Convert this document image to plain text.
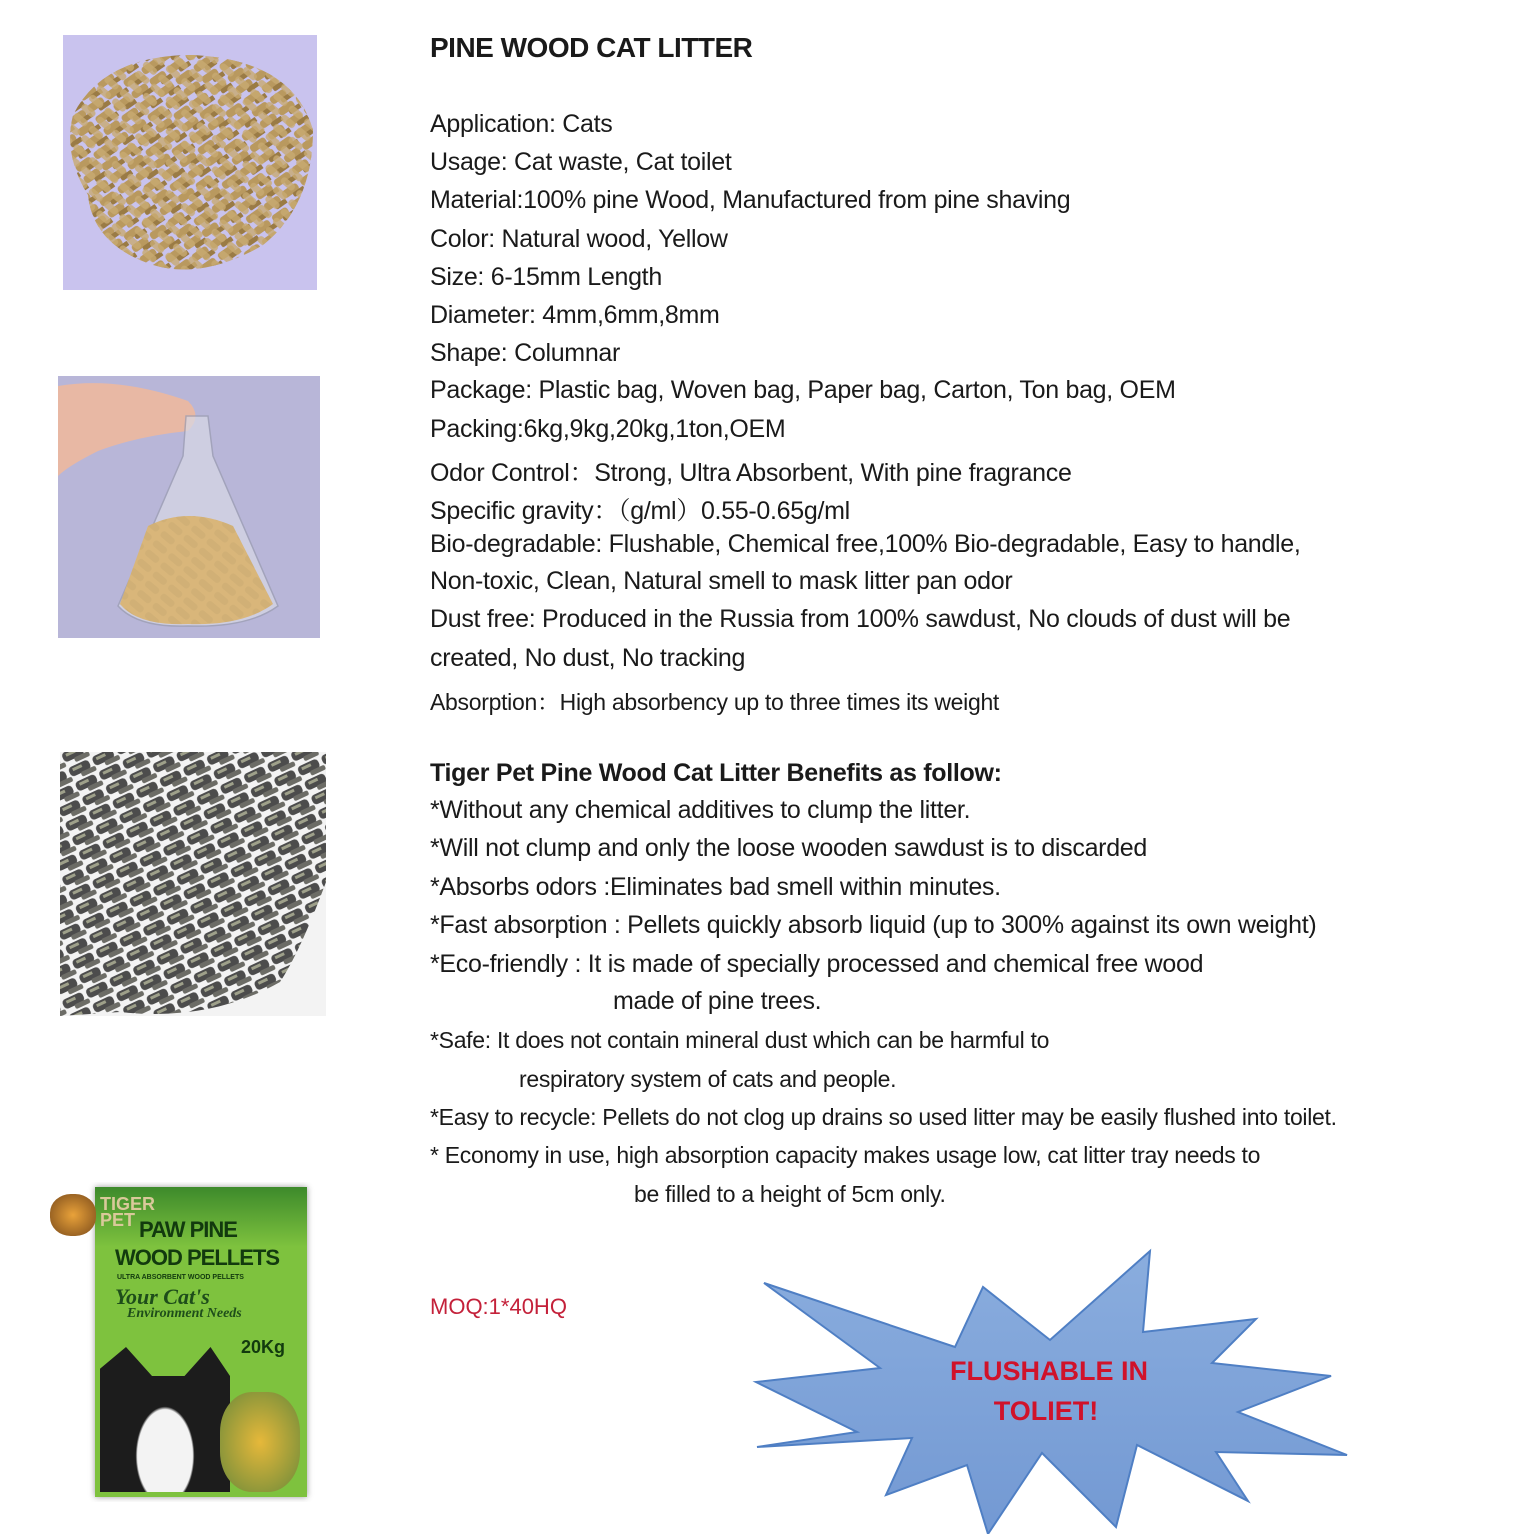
TIGER
PET PAW PINE
WOOD PELLETS
ULTRA ABSORBENT WOOD PELLETS
Your Cat's
Environment Needs
20Kg
PINE WOOD CAT LITTER
Application: Cats
Usage: Cat waste, Cat toilet
Material:100% pine Wood, Manufactured from pine shaving
Color: Natural wood, Yellow
Size: 6-15mm Length
Diameter: 4mm,6mm,8mm
Shape: Columnar
Package: Plastic bag, Woven bag, Paper bag, Carton, Ton bag, OEM
Packing:6kg,9kg,20kg,1ton,OEM
Odor Control：Strong, Ultra Absorbent, With pine fragrance
Specific gravity：（g/ml）0.55-0.65g/ml
Bio-degradable: Flushable, Chemical free,100% Bio-degradable, Easy to handle,
Non-toxic, Clean, Natural smell to mask litter pan odor
Dust free: Produced in the Russia from 100% sawdust, No clouds of dust will be
created, No dust, No tracking
Absorption：High absorbency up to three times its weight
Tiger Pet Pine Wood Cat Litter Benefits as follow:
*Without any chemical additives to clump the litter.
*Will not clump and only the loose wooden sawdust is to discarded
*Absorbs odors :Eliminates bad smell within minutes.
*Fast absorption : Pellets quickly absorb liquid (up to 300% against its own weight)
*Eco-friendly : It is made of specially processed and chemical free wood
made of pine trees.
*Safe: It does not contain mineral dust which can be harmful to
respiratory system of cats and people.
*Easy to recycle: Pellets do not clog up drains so used litter may be easily flushed into toilet.
* Economy in use, high absorption capacity makes usage low, cat litter tray needs to
be filled to a height of 5cm only.
MOQ:1*40HQ
FLUSHABLE IN
TOLIET!
